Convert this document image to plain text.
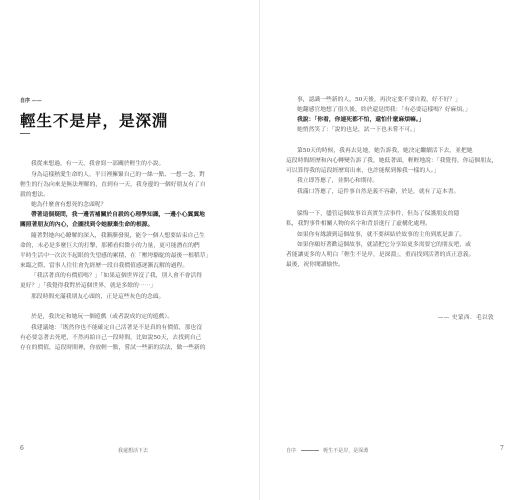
自序 ——
輕生不是岸，是深淵
我從來想過，有一天，我會寫一部關於輕生的小說。
身為這樣熱愛生命的人，平日裡擁緊自己的一絲一點、一想一念，對
輕生的行為向來是無法理解的，直到有一天，我身邊的一個好朋友有了自
殺的想法。
她為什麼會有想死的念頭呢？
帶著這個疑問，我一邊苦補關於自殺的心理學知識，一邊小心翼翼地
關照著朋友的內心，企圖找到令她厭棄生命的根源。
隨著對她內心瞭解的深入，我漸漸發現，能令一個人想要結束自己生
命的，未必是多麼巨大的打擊，那種看似微小的力量，更可能潛在的們
平時生活中一次次不起眼的失望感的累積，在「壓垮駱駝的最後一根稻草」
來臨之際，當事人往往會先經歷一段自我價值感逐漸瓦解的過程。
「我活著真的有價值嗎？」「如果這個世界沒了我，別人會不會活得
更好？」「我覺得我對於這個世界，就是多餘的⋯⋯」
那段時間充滿我朋友心頭的，正是這些灰色的念頭。
於是，我決定和她玩一個遊戲（或者說成約定的遊戲）。
我建議她：「既然你也不能確定自己活著是不是真的有價值，那也沒
有必要急著去死吧，不然再給自己一段時間，比如說50天，去找到自己
存在的價值，這段時間裡，你放輕一點，嘗試一些新的活法，做一些新的
6	我還想活下去
事，認識一些新的人，50天後，再決定要不要自殺，好不好？」
她翻感官地想了很久後，終於還是問我：「有必要這樣嗎？好麻煩。」
我說：「你看，你連死都不怕，還怕什麼麻煩嘛。」
她悄然笑了：「說的也是，試一下也未嘗不可。」
第50天的時候，我再去見她，她告訴我，她決定繼續活下去，並把她
這段時間經歷和內心轉變告訴了我，她低著頭，輕輕地說：「我覺得，你這個朋友，
可以算得我的這段經歷寫出來，也許能幫到像我一樣的人。」
我立即答應了，並開心和期待。
我滿口答應了，這件事自然是義不容辭，於是，就有了這本書。
躲悔一下，儘管這個故事首真實生活事件，但為了保護朋友的隱
私，我對事件相關人物的名字和背景進行了虛構化處理。
如果你有緣讀到這個故事，就不要糾結於故事的主角到底是誰了。
如果你願好著歡這個故事，就請把它分享給更多需要它的朋友吧，或
者能讓更多的人明白「輕生不是岸，是深淵」，重而找到活著的真正意義。
最後，祝你閱讀愉快。
—— 史蒙西．毛以敦
自序	輕生不是岸，是深淵	7
